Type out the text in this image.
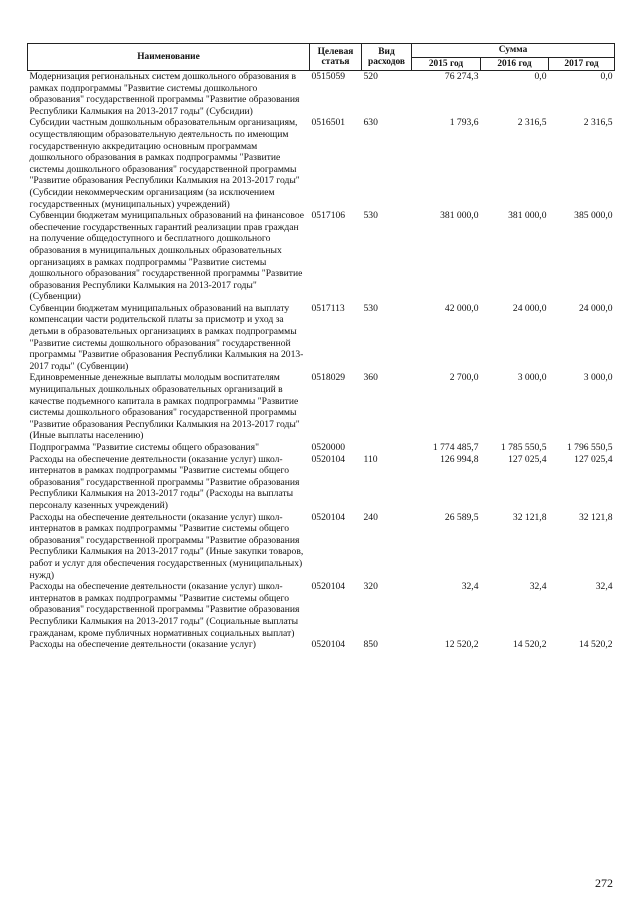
Наименование	Целевая статья	Вид расходов	Сумма		
			2015 год	2016 год	2017 год
Модернизация региональных систем дошкольного образования в рамках подпрограммы "Развитие системы дошкольного образования" государственной программы "Развитие образования Республики Калмыкия на 2013-2017 годы" (Субсидии)	0515059	520	76 274,3	0,0	0,0
Субсидии частным дошкольным образовательным организациям, осуществляющим образовательную деятельность по имеющим государственную аккредитацию основным программам дошкольного образования в рамках подпрограммы "Развитие системы дошкольного образования" государственной программы "Развитие образования Республики Калмыкия на 2013-2017 годы" (Субсидии некоммерческим организациям (за исключением государственных (муниципальных) учреждений)	0516501	630	1 793,6	2 316,5	2 316,5
Субвенции бюджетам муниципальных образований на финансовое обеспечение государственных гарантий реализации прав граждан на получение общедоступного и бесплатного дошкольного образования в муниципальных дошкольных образовательных организациях в рамках подпрограммы "Развитие системы дошкольного образования" государственной программы "Развитие образования Республики Калмыкия на 2013-2017 годы" (Субвенции)	0517106	530	381 000,0	381 000,0	385 000,0
Субвенции бюджетам муниципальных образований на выплату компенсации части родительской платы за присмотр и уход за детьми в образовательных организациях в рамках подпрограммы "Развитие системы дошкольного образования" государственной программы "Развитие образования Республики Калмыкия на 2013-2017 годы" (Субвенции)	0517113	530	42 000,0	24 000,0	24 000,0
Единовременные денежные выплаты молодым воспитателям муниципальных дошкольных образовательных организаций в качестве подъемного капитала в рамках подпрограммы "Развитие системы дошкольного образования" государственной программы "Развитие образования Республики Калмыкия на 2013-2017 годы" (Иные выплаты населению)	0518029	360	2 700,0	3 000,0	3 000,0
Подпрограмма "Развитие системы общего образования"	0520000		1 774 485,7	1 785 550,5	1 796 550,5
Расходы на обеспечение деятельности (оказание услуг) школ-интернатов в рамках подпрограммы "Развитие системы общего образования" государственной программы "Развитие образования Республики Калмыкия на 2013-2017 годы" (Расходы на выплаты персоналу казенных учреждений)	0520104	110	126 994,8	127 025,4	127 025,4
Расходы на обеспечение деятельности (оказание услуг) школ-интернатов в рамках подпрограммы "Развитие системы общего образования" государственной программы "Развитие образования Республики Калмыкия на 2013-2017 годы" (Иные закупки товаров, работ и услуг для обеспечения государственных (муниципальных) нужд)	0520104	240	26 589,5	32 121,8	32 121,8
Расходы на обеспечение деятельности (оказание услуг) школ-интернатов в рамках подпрограммы "Развитие системы общего образования" государственной программы "Развитие образования Республики Калмыкия на 2013-2017 годы" (Социальные выплаты гражданам, кроме публичных нормативных социальных выплат)	0520104	320	32,4	32,4	32,4
Расходы на обеспечение деятельности (оказание услуг)	0520104	850	12 520,2	14 520,2	14 520,2
272
